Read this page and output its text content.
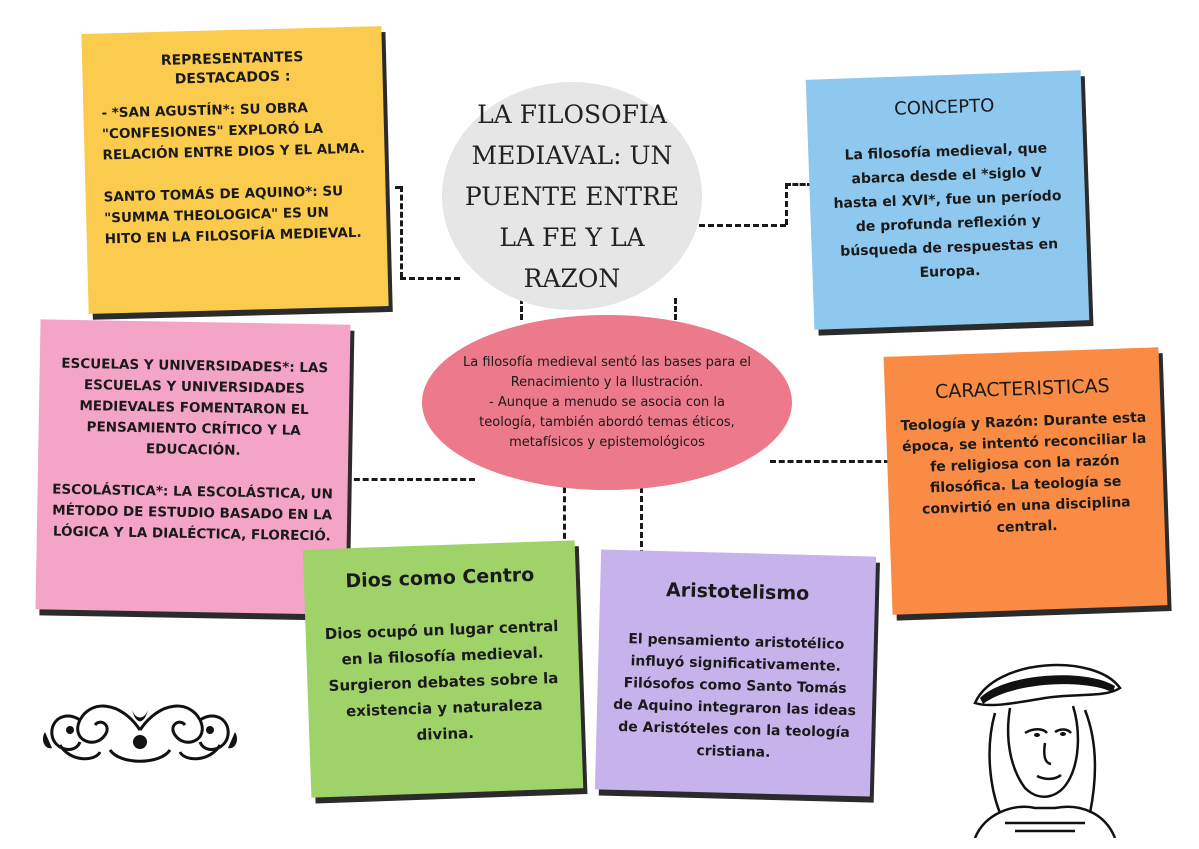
REPRESENTANTES
DESTACADOS :
- *SAN AGUSTÍN*: SU OBRA "CONFESIONES" EXPLORÓ LA RELACIÓN ENTRE DIOS Y EL ALMA.

SANTO TOMÁS DE AQUINO*: SU "SUMMA THEOLOGICA" ES UN HITO EN LA FILOSOFÍA MEDIEVAL.
LA FILOSOFIA
MEDIAVAL: UN
PUENTE ENTRE
LA FE Y LA
RAZON
CONCEPTO
La filosofía medieval, que abarca desde el *siglo V hasta el XVI*, fue un período de profunda reflexión y búsqueda de respuestas en Europa.
ESCUELAS Y UNIVERSIDADES*: LAS ESCUELAS Y UNIVERSIDADES MEDIEVALES FOMENTARON EL PENSAMIENTO CRÍTICO Y LA EDUCACIÓN.

ESCOLÁSTICA*: LA ESCOLÁSTICA, UN MÉTODO DE ESTUDIO BASADO EN LA LÓGICA Y LA DIALÉCTICA, FLORECIÓ.
La filosofía medieval sentó las bases para el Renacimiento y la Ilustración.
- Aunque a menudo se asocia con la teología, también abordó temas éticos, metafísicos y epistemológicos
CARACTERISTICAS
Teología y Razón: Durante esta época, se intentó reconciliar la fe religiosa con la razón filosófica. La teología se convirtió en una disciplina central.
Dios como Centro
Dios ocupó un lugar central en la filosofía medieval. Surgieron debates sobre la existencia y naturaleza divina.
Aristotelismo
El pensamiento aristotélico influyó significativamente. Filósofos como Santo Tomás de Aquino integraron las ideas de Aristóteles con la teología cristiana.
